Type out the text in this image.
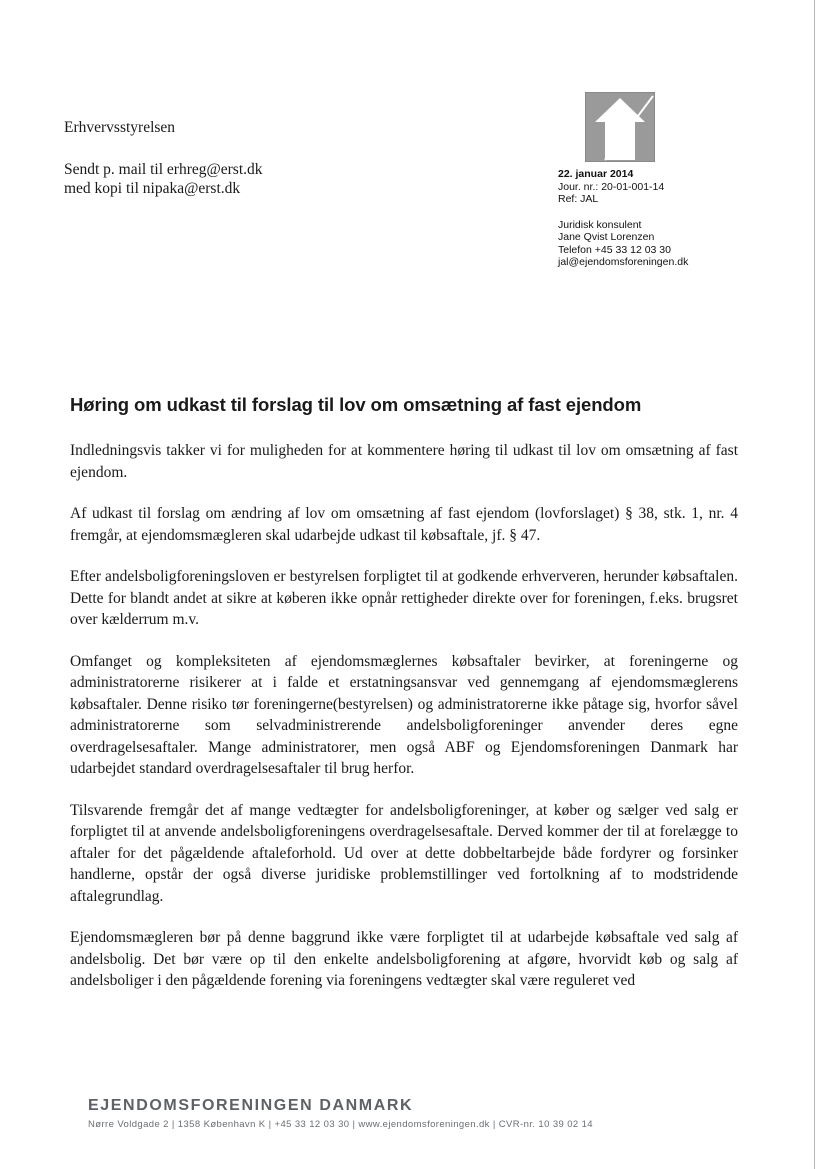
Erhvervsstyrelsen
Sendt p. mail til erhreg@erst.dk
med kopi til nipaka@erst.dk
22. januar 2014
Jour. nr.: 20-01-001-14
Ref: JAL
Juridisk konsulent
Jane Qvist Lorenzen
Telefon +45 33 12 03 30
jal@ejendomsforeningen.dk
Høring om udkast til forslag til lov om omsætning af fast ejendom

Indledningsvis takker vi for muligheden for at kommentere høring til udkast til lov om omsætning af fast ejendom.

Af udkast til forslag om ændring af lov om omsætning af fast ejendom (lovforslaget) § 38, stk. 1, nr. 4 fremgår, at ejendomsmægleren skal udarbejde udkast til købsaftale, jf. § 47.

Efter andelsboligforeningsloven er bestyrelsen forpligtet til at godkende erhververen, herunder købsaftalen. Dette for blandt andet at sikre at køberen ikke opnår rettigheder direkte over for foreningen, f.eks. brugsret over kælderrum m.v.

Omfanget og kompleksiteten af ejendomsmæglernes købsaftaler bevirker, at foreningerne og administratorerne risikerer at i falde et erstatningsansvar ved gennemgang af ejendomsmæglerens købsaftaler. Denne risiko tør foreningerne(bestyrelsen) og administratorerne ikke påtage sig, hvorfor såvel administratorerne som selvadministrerende andelsboligforeninger anvender deres egne overdragelsesaftaler. Mange administratorer, men også ABF og Ejendomsforeningen Danmark har udarbejdet standard overdragelsesaftaler til brug herfor.

Tilsvarende fremgår det af mange vedtægter for andelsboligforeninger, at køber og sælger ved salg er forpligtet til at anvende andelsboligforeningens overdragelsesaftale. Derved kommer der til at forelægge to aftaler for det pågældende aftaleforhold. Ud over at dette dobbeltarbejde både fordyrer og forsinker handlerne, opstår der også diverse juridiske problemstillinger ved fortolkning af to modstridende aftalegrundlag.

Ejendomsmægleren bør på denne baggrund ikke være forpligtet til at udarbejde købsaftale ved salg af andelsbolig. Det bør være op til den enkelte andelsboligforening at afgøre, hvorvidt køb og salg af andelsboliger i den pågældende forening via foreningens vedtægter skal være reguleret ved

EJENDOMSFORENINGEN DANMARK
Nørre Voldgade 2 | 1358 København K | +45 33 12 03 30 | www.ejendomsforeningen.dk | CVR-nr. 10 39 02 14
